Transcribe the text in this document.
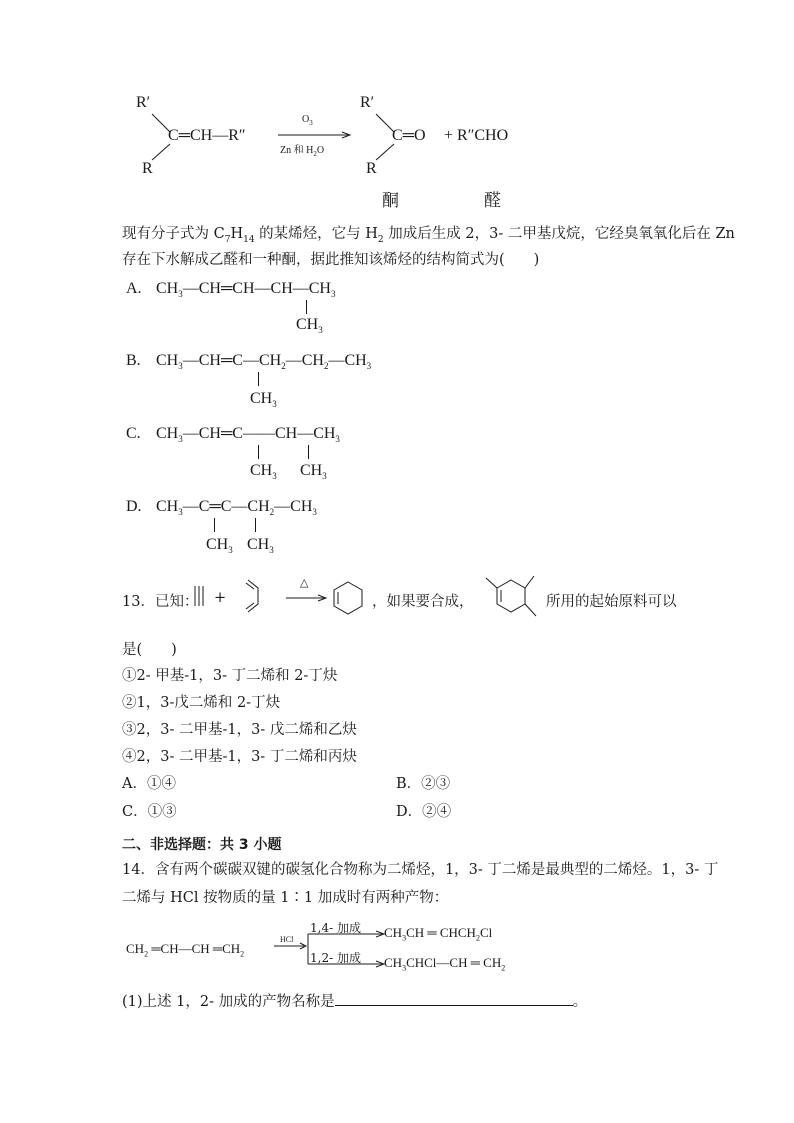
R′
R
C═CH—R″
$O_3$
Zn 和 $H_2O$
R′
R
C═O + R″CHO
酮	醛
现有分子式为 $C_7H_{14}$ 的某烯烃，它与 $H_2$ 加成后生成 2，3- 二甲基戊烷，它经臭氧氧化后在 Zn
存在下水解成乙醛和一种酮，据此推知该烯烃的结构简式为(　　)
A. $CH_3—CH═CH—CH—CH_3$
$CH_3$
B. $CH_3—CH═C—CH_2—CH_2—CH_3$
$CH_3$
C. $CH_3—CH═C——CH—CH_3$
$CH_3$ $CH_3$
D. $CH_3—C═C—CH_2—CH_3$
$CH_3$ $CH_3$
13．已知： +
△
，如果要合成，	所用的起始原料可以
是(　　)
①2- 甲基-1，3- 丁二烯和 2-丁炔
②1，3-戊二烯和 2-丁炔
③2，3- 二甲基-1，3- 戊二烯和乙炔
④2，3- 二甲基-1，3- 丁二烯和丙炔
A．①④	B．②③
C．①③	D．②④
二、非选择题：共 3 小题
14．含有两个碳碳双键的碳氢化合物称为二烯烃，1，3- 丁二烯是最典型的二烯烃。1，3- 丁
二烯与 HCl 按物质的量 1∶1 加成时有两种产物：
$CH_2$ ═CH—CH $═CH_2$
HCl
1,4- 加成
1,2- 加成
$CH_3CH$ ═ $CHCH_2Cl$
$CH_3CHCl—CH$ ═ $CH_2$
(1)上述 1，2- 加成的产物名称是	。
